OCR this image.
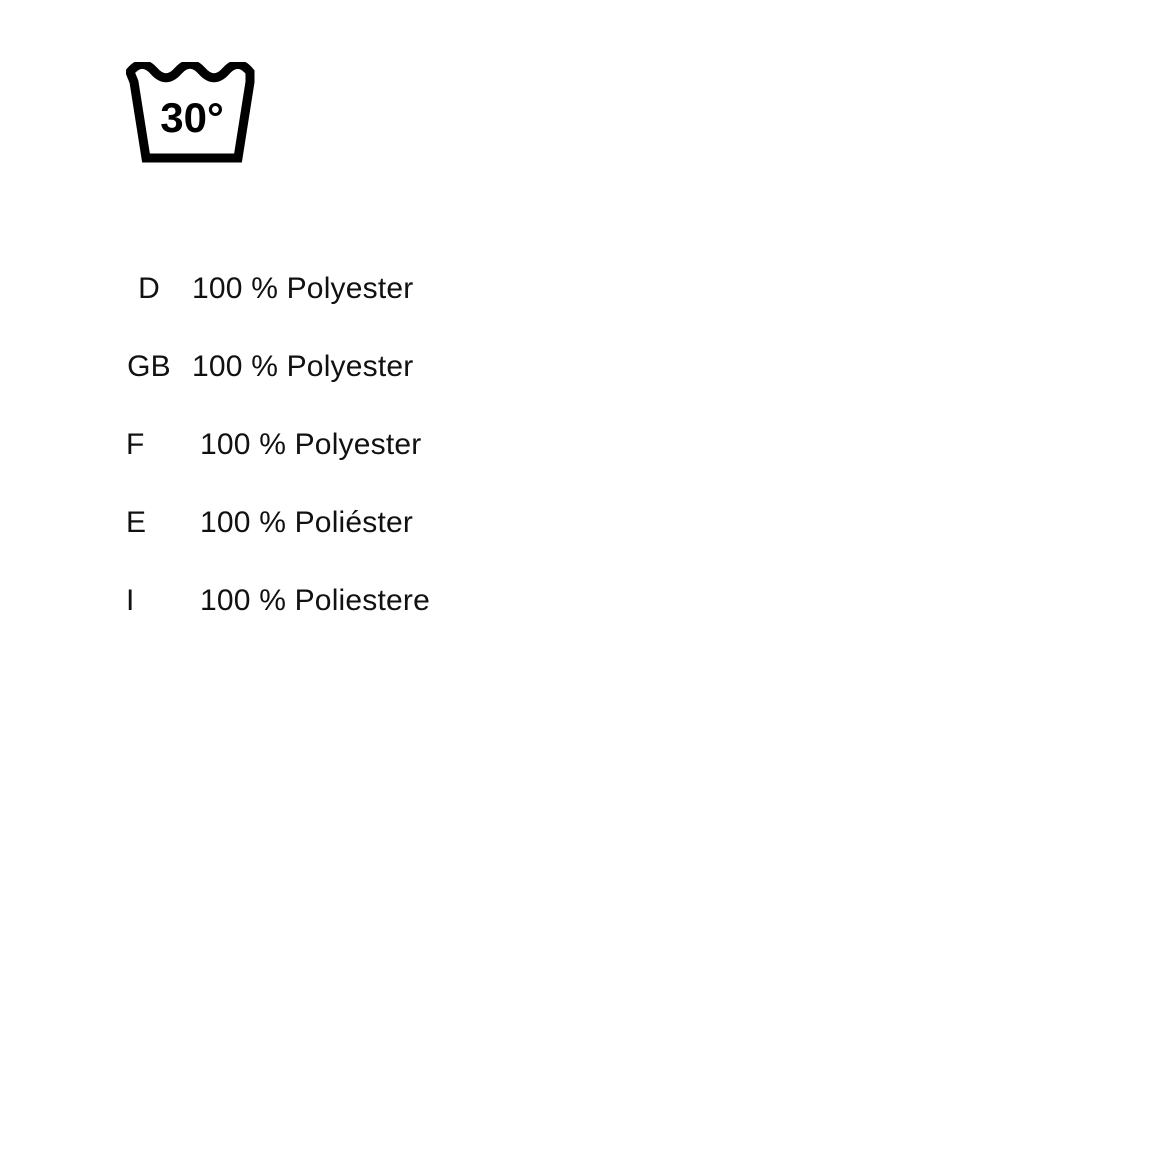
30°
D	100 % Polyester
GB 100 % Polyester
F	100 % Polyester
E	100 % Poliéster
I	100 % Poliestere
